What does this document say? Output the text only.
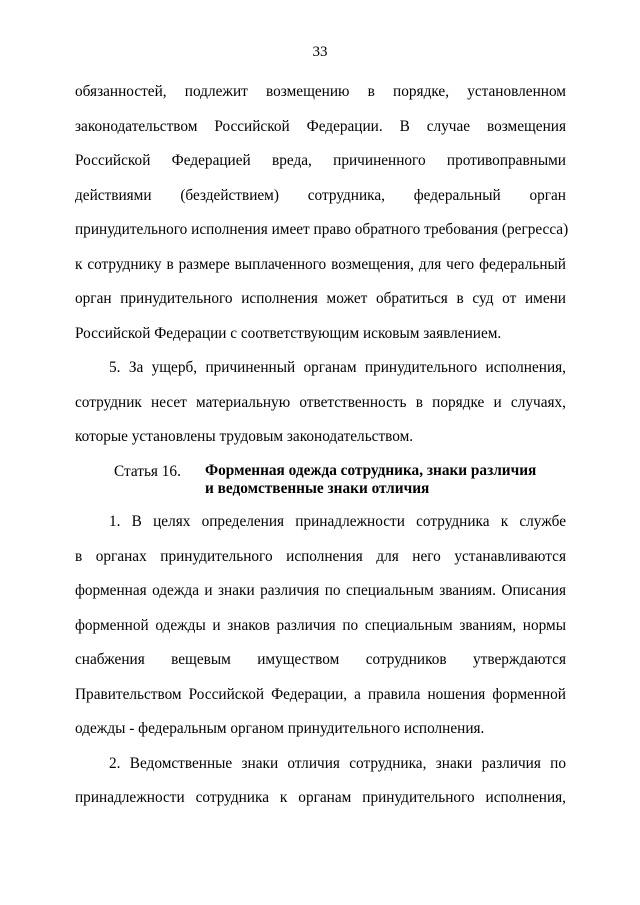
33

обязанностей, подлежит возмещению в порядке, установленном

законодательством Российской Федерации. В случае возмещения

Российской Федерацией вреда, причиненного противоправными

действиями (бездействием) сотрудника, федеральный орган

принудительного исполнения имеет право обратного требования (регресса)

к сотруднику в размере выплаченного возмещения, для чего федеральный

орган принудительного исполнения может обратиться в суд от имени

Российской Федерации с соответствующим исковым заявлением.

5. За ущерб, причиненный органам принудительного исполнения,

сотрудник несет материальную ответственность в порядке и случаях,

которые установлены трудовым законодательством.

Статья 16. Форменная одежда сотрудника, знаки различия
и ведомственные знаки отличия

1. В целях определения принадлежности сотрудника к службе

в органах принудительного исполнения для него устанавливаются

форменная одежда и знаки различия по специальным званиям. Описания

форменной одежды и знаков различия по специальным званиям, нормы

снабжения вещевым имуществом сотрудников утверждаются

Правительством Российской Федерации, а правила ношения форменной

одежды - федеральным органом принудительного исполнения.

2. Ведомственные знаки отличия сотрудника, знаки различия по

принадлежности сотрудника к органам принудительного исполнения,
